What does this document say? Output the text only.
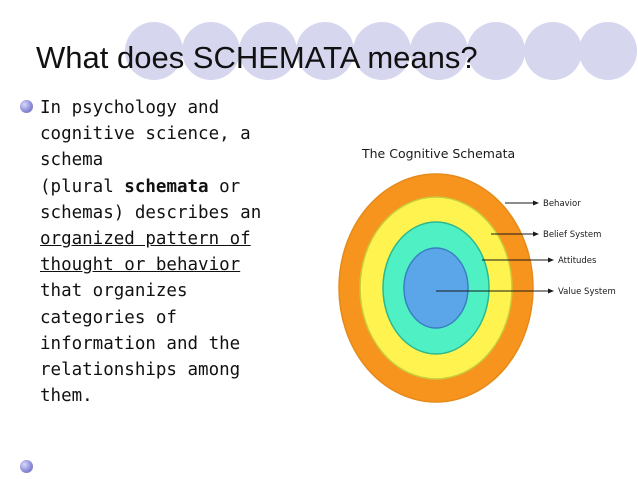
What does SCHEMATA means?
In psychology and
cognitive science, a
schema
(plural schemata or
schemas) describes an
organized pattern of
thought or behavior
that organizes
categories of
information and the
relationships among
them.
The Cognitive Schemata
Behavior
Belief System
Attitudes
Value System
